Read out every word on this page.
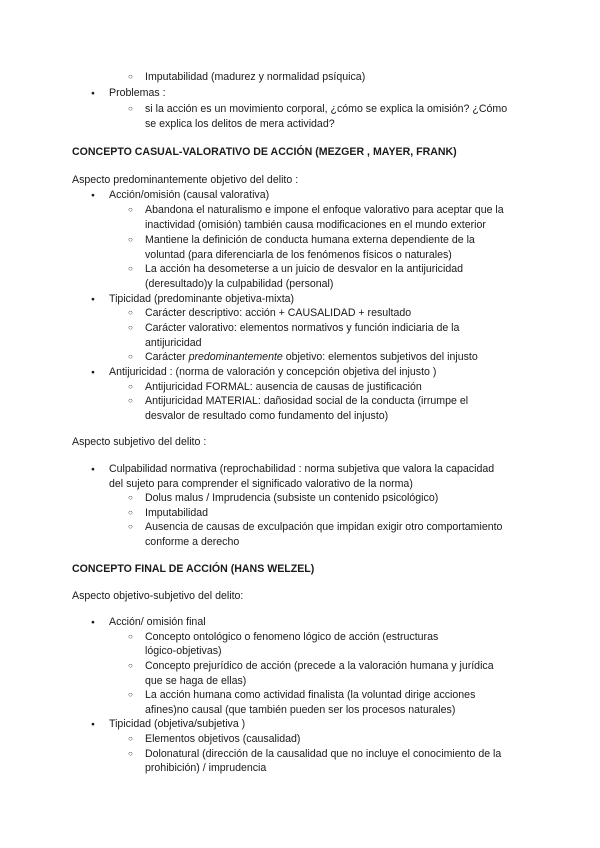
○
Imputabilidad (madurez y normalidad psíquica)
●
Problemas :
○
si la acción es un movimiento corporal, ¿cómo se explica la omisión? ¿Cómo
se explica los delitos de mera actividad?
CONCEPTO CASUAL-VALORATIVO DE ACCIÓN (MEZGER , MAYER, FRANK)
Aspecto predominantemente objetivo del delito :
●
Acción/omisión (causal valorativa)
○
Abandona el naturalismo e impone el enfoque valorativo para aceptar que la
inactividad (omisión) también causa modificaciones en el mundo exterior
○
Mantiene la definición de conducta humana externa dependiente de la
voluntad (para diferenciarla de los fenómenos físicos o naturales)
○
La acción ha desometerse a un juicio de desvalor en la antijuricidad
(deresultado)y la culpabilidad (personal)
●
Tipicidad (predominante objetiva-mixta)
○
Carácter descriptivo: acción + CAUSALIDAD + resultado
○
Carácter valorativo: elementos normativos y función indiciaria de la
antijuricidad
○
Carácter predominantemente objetivo: elementos subjetivos del injusto
●
Antijuricidad : (norma de valoración y concepción objetiva del injusto )
○
Antijuricidad FORMAL: ausencia de causas de justificación
○
Antijuricidad MATERIAL: dañosidad social de la conducta (irrumpe el
desvalor de resultado como fundamento del injusto)
Aspecto subjetivo del delito :
●
Culpabilidad normativa (reprochabilidad : norma subjetiva que valora la capacidad
del sujeto para comprender el significado valorativo de la norma)
○
Dolus malus / Imprudencia (subsiste un contenido psicológico)
○
Imputabilidad
○
Ausencia de causas de exculpación que impidan exigir otro comportamiento
conforme a derecho
CONCEPTO FINAL DE ACCIÓN (HANS WELZEL)
Aspecto objetivo-subjetivo del delito:
●
Acción/ omisión final
○
Concepto ontológico o fenomeno lógico de acción (estructuras
lógico-objetivas)
○
Concepto prejurídico de acción (precede a la valoración humana y jurídica
que se haga de ellas)
○
La acción humana como actividad finalista (la voluntad dirige acciones
afines)no causal (que también pueden ser los procesos naturales)
●
Tipicidad (objetiva/subjetiva )
○
Elementos objetivos (causalidad)
○
Dolonatural (dirección de la causalidad que no incluye el conocimiento de la
prohibición) / imprudencia
